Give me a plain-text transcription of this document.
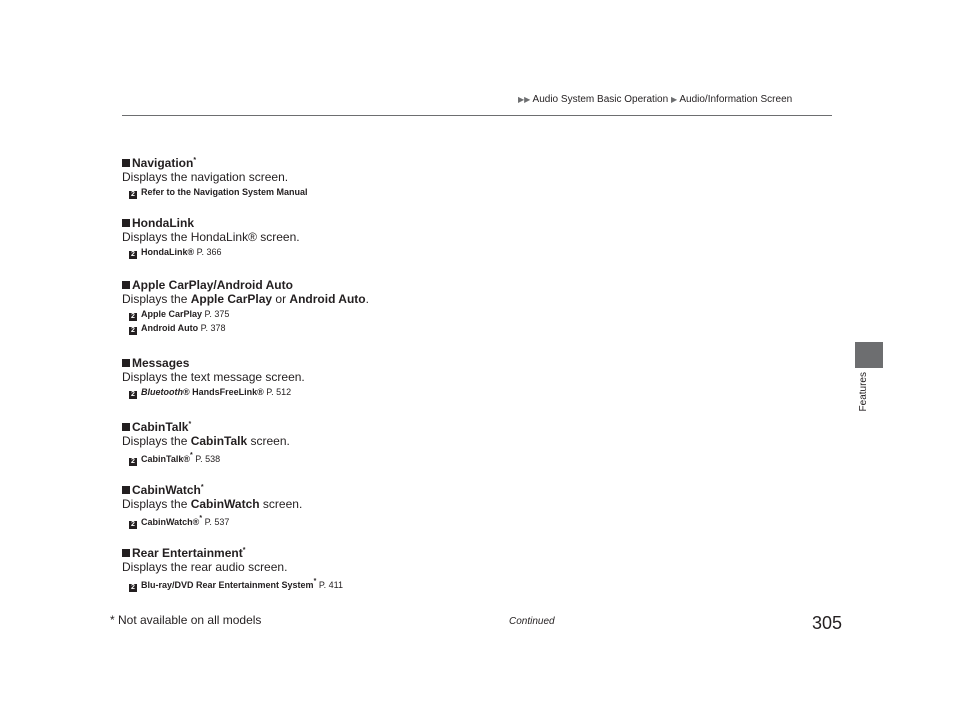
▶▶ Audio System Basic Operation ▶ Audio/Information Screen
Features
Navigation*
Displays the navigation screen.
2 Refer to the Navigation System Manual
HondaLink
Displays the HondaLink® screen.
2 HondaLink® P. 366
Apple CarPlay/Android Auto
Displays the Apple CarPlay or Android Auto.
2 Apple CarPlay P. 375
2 Android Auto P. 378
Messages
Displays the text message screen.
2 Bluetooth® HandsFreeLink® P. 512
CabinTalk*
Displays the CabinTalk screen.
2 CabinTalk®* P. 538
CabinWatch*
Displays the CabinWatch screen.
2 CabinWatch®* P. 537
Rear Entertainment*
Displays the rear audio screen.
2 Blu-ray/DVD Rear Entertainment System* P. 411
* Not available on all models	Continued	305
